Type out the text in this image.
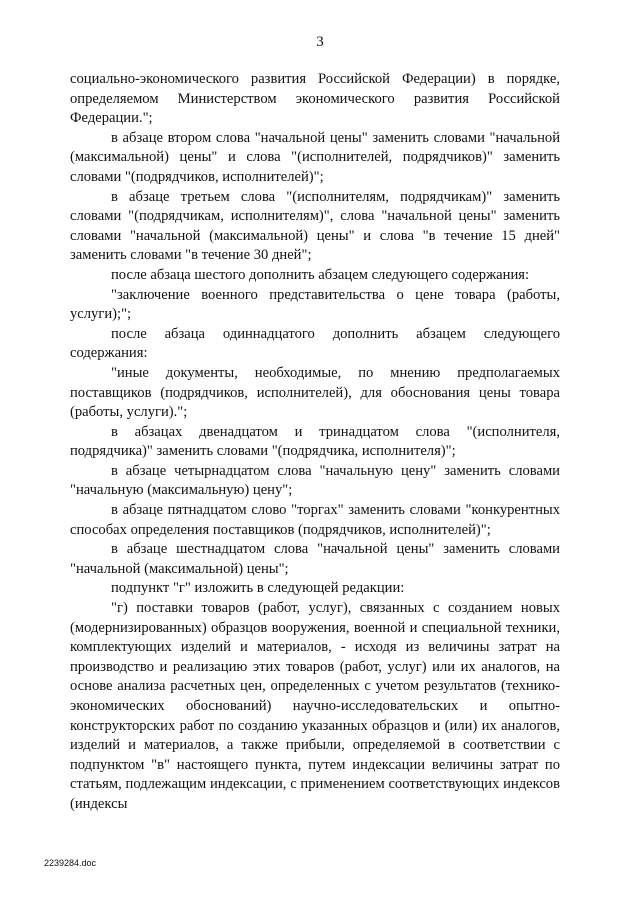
3

социально-экономического развития Российской Федерации) в порядке, определяемом Министерством экономического развития Российской Федерации.";

в абзаце втором слова "начальной цены" заменить словами "начальной (максимальной) цены" и слова "(исполнителей, подрядчиков)" заменить словами "(подрядчиков, исполнителей)";

в абзаце третьем слова "(исполнителям, подрядчикам)" заменить словами "(подрядчикам, исполнителям)", слова "начальной цены" заменить словами "начальной (максимальной) цены" и слова "в течение 15 дней" заменить словами "в течение 30 дней";

после абзаца шестого дополнить абзацем следующего содержания:

"заключение военного представительства о цене товара (работы, услуги);";

после абзаца одиннадцатого дополнить абзацем следующего содержания:

"иные документы, необходимые, по мнению предполагаемых поставщиков (подрядчиков, исполнителей), для обоснования цены товара (работы, услуги).";

в абзацах двенадцатом и тринадцатом слова "(исполнителя, подрядчика)" заменить словами "(подрядчика, исполнителя)";

в абзаце четырнадцатом слова "начальную цену" заменить словами "начальную (максимальную) цену";

в абзаце пятнадцатом слово "торгах" заменить словами "конкурентных способах определения поставщиков (подрядчиков, исполнителей)";

в абзаце шестнадцатом слова "начальной цены" заменить словами "начальной (максимальной) цены";

подпункт "г" изложить в следующей редакции:

"г) поставки товаров (работ, услуг), связанных с созданием новых (модернизированных) образцов вооружения, военной и специальной техники, комплектующих изделий и материалов, - исходя из величины затрат на производство и реализацию этих товаров (работ, услуг) или их аналогов, на основе анализа расчетных цен, определенных с учетом результатов (технико-экономических обоснований) научно-исследовательских и опытно-конструкторских работ по созданию указанных образцов и (или) их аналогов, изделий и материалов, а также прибыли, определяемой в соответствии с подпунктом "в" настоящего пункта, путем индексации величины затрат по статьям, подлежащим индексации, с применением соответствующих индексов (индексы

2239284.doc
